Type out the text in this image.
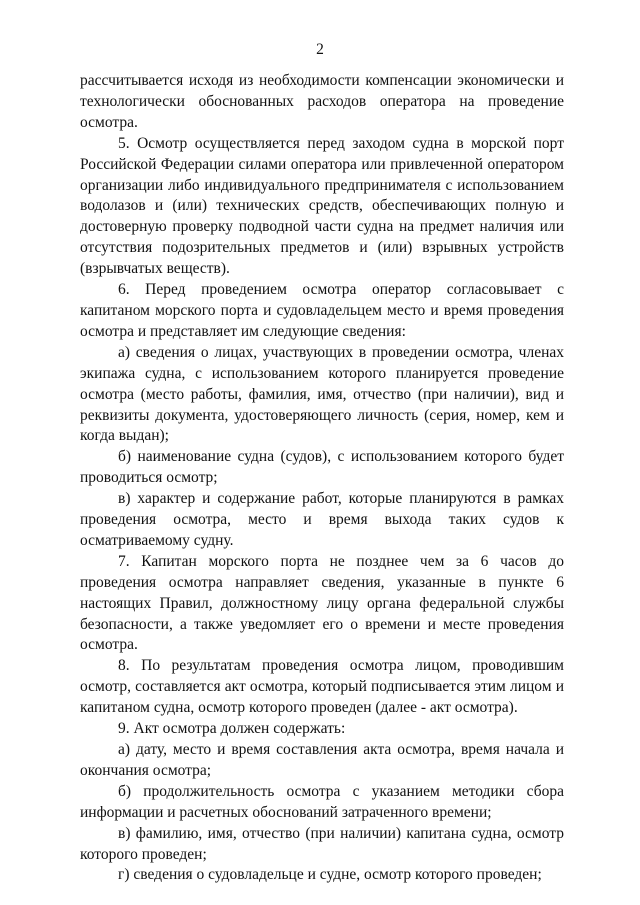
2

рассчитывается исходя из необходимости компенсации экономически и технологически обоснованных расходов оператора на проведение осмотра.

5. Осмотр осуществляется перед заходом судна в морской порт Российской Федерации силами оператора или привлеченной оператором организации либо индивидуального предпринимателя с использованием водолазов и (или) технических средств, обеспечивающих полную и достоверную проверку подводной части судна на предмет наличия или отсутствия подозрительных предметов и (или) взрывных устройств (взрывчатых веществ).

6. Перед проведением осмотра оператор согласовывает с капитаном морского порта и судовладельцем место и время проведения осмотра и представляет им следующие сведения:

а) сведения о лицах, участвующих в проведении осмотра, членах экипажа судна, с использованием которого планируется проведение осмотра (место работы, фамилия, имя, отчество (при наличии), вид и реквизиты документа, удостоверяющего личность (серия, номер, кем и когда выдан);

б) наименование судна (судов), с использованием которого будет проводиться осмотр;

в) характер и содержание работ, которые планируются в рамках проведения осмотра, место и время выхода таких судов к осматриваемому судну.

7. Капитан морского порта не позднее чем за 6 часов до проведения осмотра направляет сведения, указанные в пункте 6 настоящих Правил, должностному лицу органа федеральной службы безопасности, а также уведомляет его о времени и месте проведения осмотра.

8. По результатам проведения осмотра лицом, проводившим осмотр, составляется акт осмотра, который подписывается этим лицом и капитаном судна, осмотр которого проведен (далее - акт осмотра).

9. Акт осмотра должен содержать:

а) дату, место и время составления акта осмотра, время начала и окончания осмотра;

б) продолжительность осмотра с указанием методики сбора информации и расчетных обоснований затраченного времени;

в) фамилию, имя, отчество (при наличии) капитана судна, осмотр которого проведен;

г) сведения о судовладельце и судне, осмотр которого проведен;
